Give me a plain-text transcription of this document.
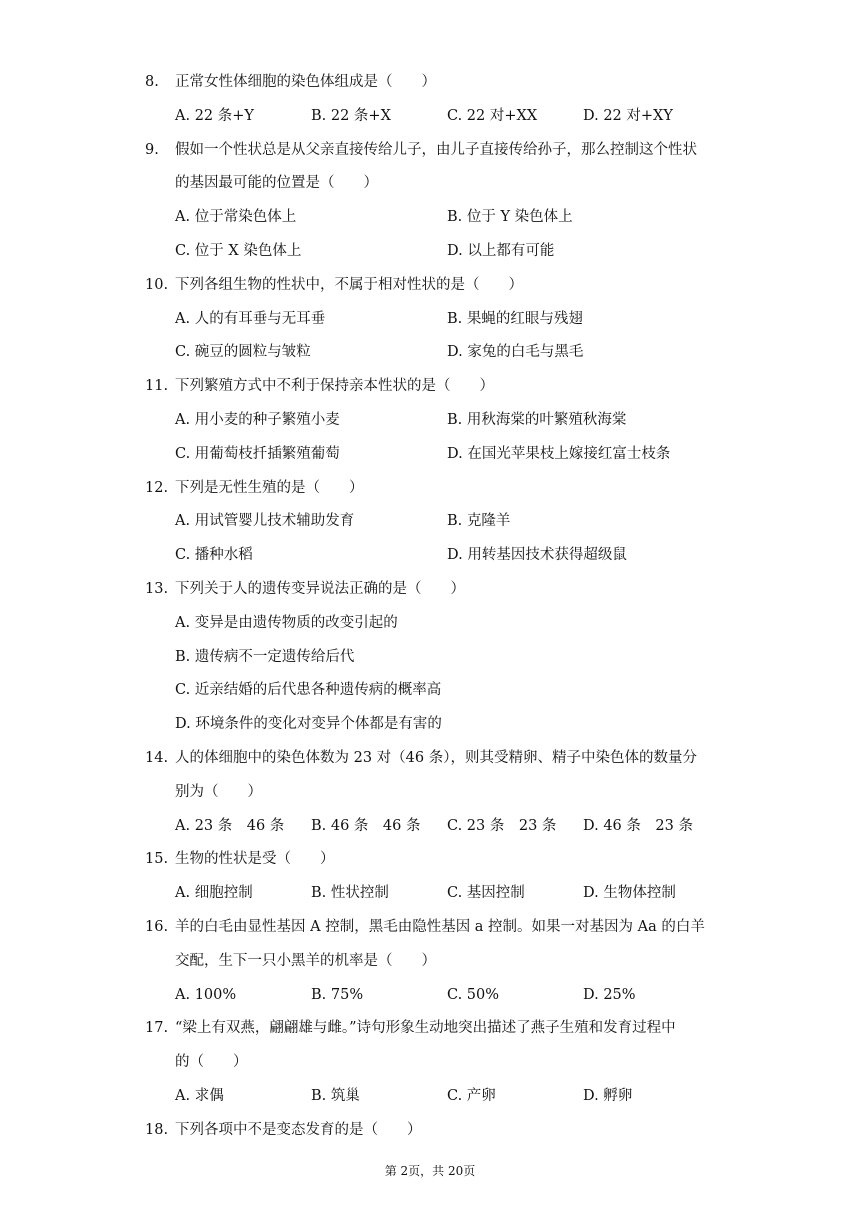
8. 正常女性体细胞的染色体组成是（　　）
A. 22 条+Y	B. 22 条+X	C. 22 对+XX	D. 22 对+XY
9. 假如一个性状总是从父亲直接传给儿子，由儿子直接传给孙子，那么控制这个性状
的基因最可能的位置是（　　）
A. 位于常染色体上	B. 位于 Y 染色体上
C. 位于 X 染色体上	D. 以上都有可能
10. 下列各组生物的性状中，不属于相对性状的是（　　）
A. 人的有耳垂与无耳垂	B. 果蝇的红眼与残翅
C. 碗豆的圆粒与皱粒	D. 家兔的白毛与黑毛
11. 下列繁殖方式中不利于保持亲本性状的是（　　）
A. 用小麦的种子繁殖小麦	B. 用秋海棠的叶繁殖秋海棠
C. 用葡萄枝扦插繁殖葡萄	D. 在国光苹果枝上嫁接红富士枝条
12. 下列是无性生殖的是（　　）
A. 用试管婴儿技术辅助发育	B. 克隆羊
C. 播种水稻	D. 用转基因技术获得超级鼠
13. 下列关于人的遗传变异说法正确的是（　　）
A. 变异是由遗传物质的改变引起的
B. 遗传病不一定遗传给后代
C. 近亲结婚的后代患各种遗传病的概率高
D. 环境条件的变化对变异个体都是有害的
14. 人的体细胞中的染色体数为 23 对（46 条），则其受精卵、精子中染色体的数量分
别为（　　）
A. 23 条　46 条 B. 46 条　46 条 C. 23 条　23 条 D. 46 条　23 条
15. 生物的性状是受（　　）
A. 细胞控制	B. 性状控制	C. 基因控制	D. 生物体控制
16. 羊的白毛由显性基因 A 控制，黑毛由隐性基因 a 控制。如果一对基因为 Aa 的白羊
交配，生下一只小黑羊的机率是（　　）
A. 100%	B. 75%	C. 50%	D. 25%
17. “梁上有双燕，翩翩雄与雌。”诗句形象生动地突出描述了燕子生殖和发育过程中
的（　　）
A. 求偶	B. 筑巢	C. 产卵	D. 孵卵
18. 下列各项中不是变态发育的是（　　）
第 2页，共 20页
